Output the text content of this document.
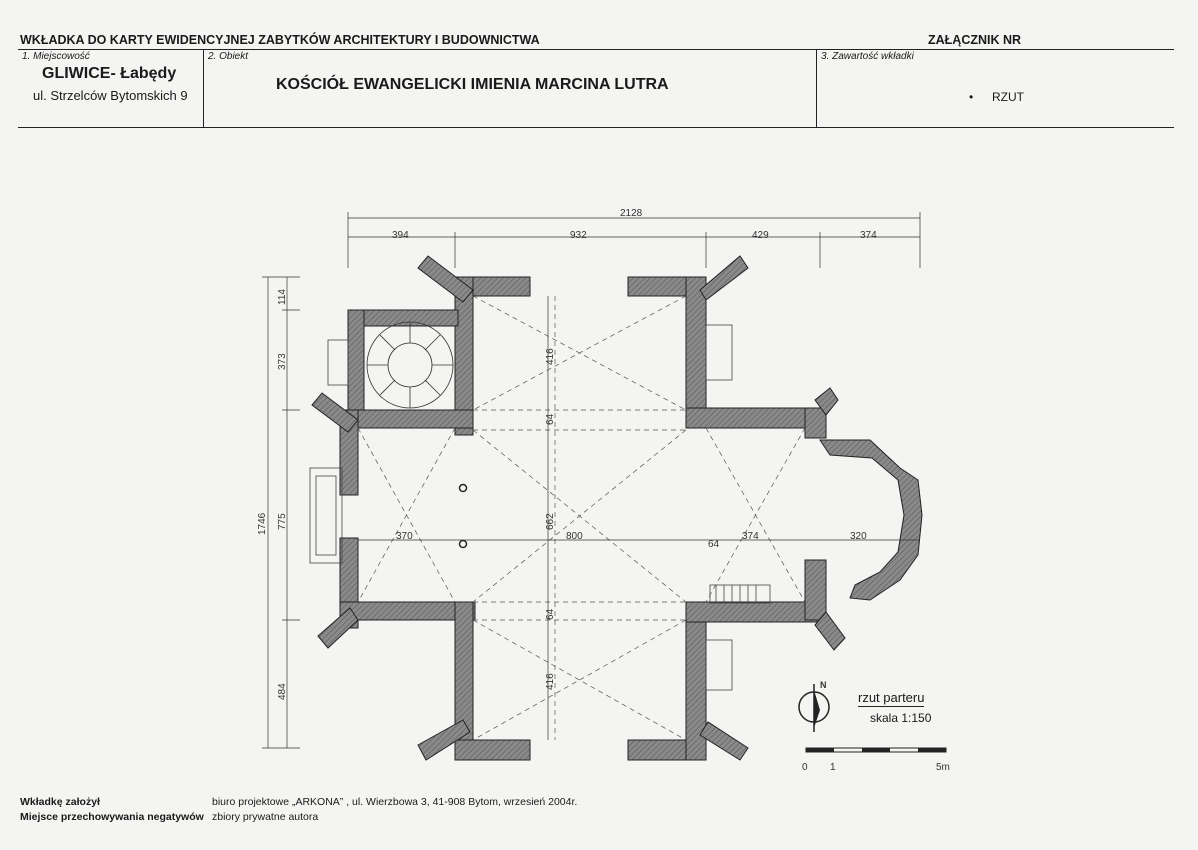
WKŁADKA DO KARTY EWIDENCYJNEJ ZABYTKÓW ARCHITEKTURY I BUDOWNICTWA	ZAŁĄCZNIK NR
1. Miejscowość
GLIWICE- Łabędy
ul. Strzelców Bytomskich 9
2. Obiekt
KOŚCIÓŁ EWANGELICKI IMIENIA MARCINA LUTRA
3. Zawartość wkładki
• RZUT
2128
394	932	429	374
1746
114
373
775
484
416
64
662
64
416
370	800
64
374	320
N
0 1	5m
rzut parteru
skala 1:150
Wkładkę założył	biuro projektowe „ARKONA” , ul. Wierzbowa 3, 41-908 Bytom, wrzesień 2004r.
Miejsce przechowywania negatywów zbiory prywatne autora
